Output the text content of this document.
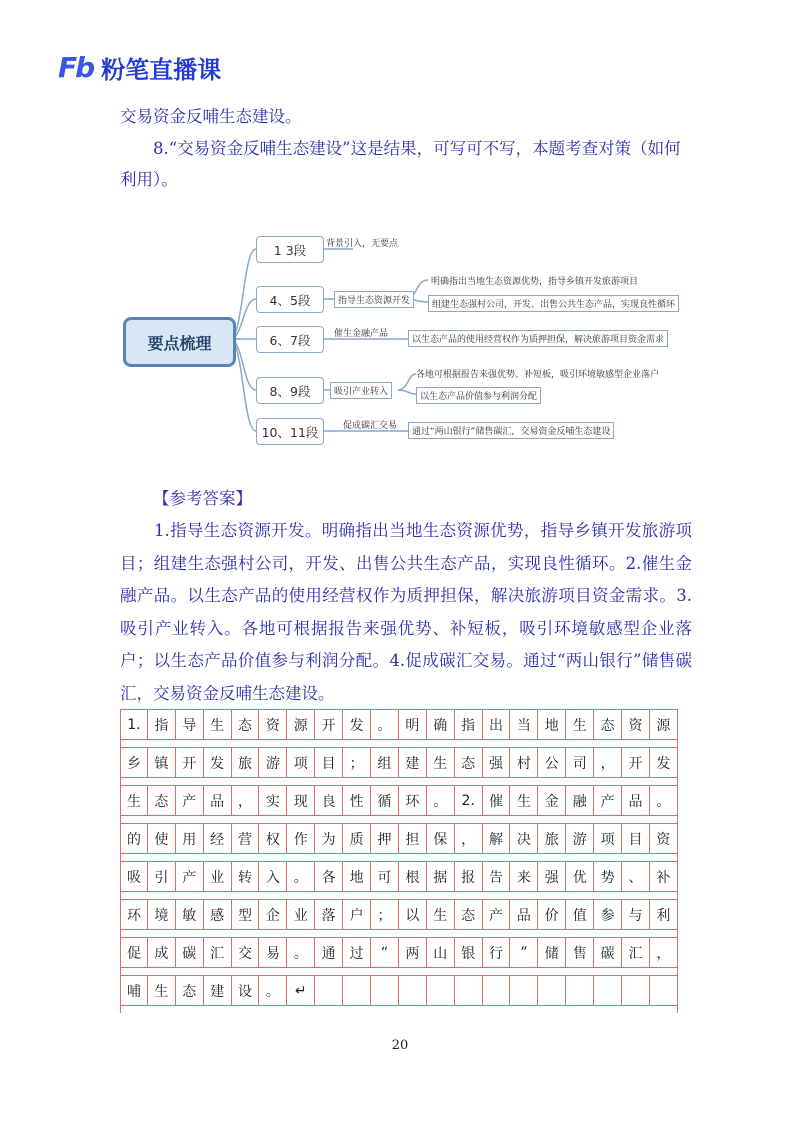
Fb 粉笔直播课
交易资金反哺生态建设。
8.“交易资金反哺生态建设”这是结果，可写可不写，本题考查对策（如何利用）。
要点梳理
1 3段
4、5段
6、7段
8、9段
10、11段
背景引入，无要点
指导生态资源开发
明确指出当地生态资源优势，指导乡镇开发旅游项目
组建生态强村公司，开发、出售公共生态产品，实现良性循环
催生金融产品
以生态产品的使用经营权作为质押担保，解决旅游项目资金需求
吸引产业转入
各地可根据报告来强优势、补短板，吸引环境敏感型企业落户
以生态产品价值参与利润分配
促成碳汇交易
通过“两山银行”储售碳汇，交易资金反哺生态建设
【参考答案】
1.指导生态资源开发。明确指出当地生态资源优势，指导乡镇开发旅游项目；组建生态强村公司，开发、出售公共生态产品，实现良性循环。2.催生金融产品。以生态产品的使用经营权作为质押担保，解决旅游项目资金需求。3.吸引产业转入。各地可根据报告来强优势、补短板，吸引环境敏感型企业落户；以生态产品价值参与利润分配。4.促成碳汇交易。通过“两山银行”储售碳汇，交易资金反哺生态建设。
1. 指 导 生 态 资 源 开 发 。 明 确 指 出 当 地 生 态 资 源
乡 镇 开 发 旅 游 项 目 ； 组 建 生 态 强 村 公 司 ， 开 发
生 态 产 品 ， 实 现 良 性 循 环 。	2.	催 生 金 融 产 品 。
的 使 用 经 营 权 作 为 质 押 担 保 ， 解 决 旅 游 项 目 资
吸 引 产 业 转 入 。 各 地 可 根 据 报 告 来 强 优 势 、 补
环 境 敏 感 型 企 业 落 户 ； 以 生 态 产 品 价 值 参 与 利
促 成 碳 汇 交 易 。 通 过	“	两 山 银 行	”	储 售 碳 汇 ，
哺 生 态 建 设 。	↵
20
